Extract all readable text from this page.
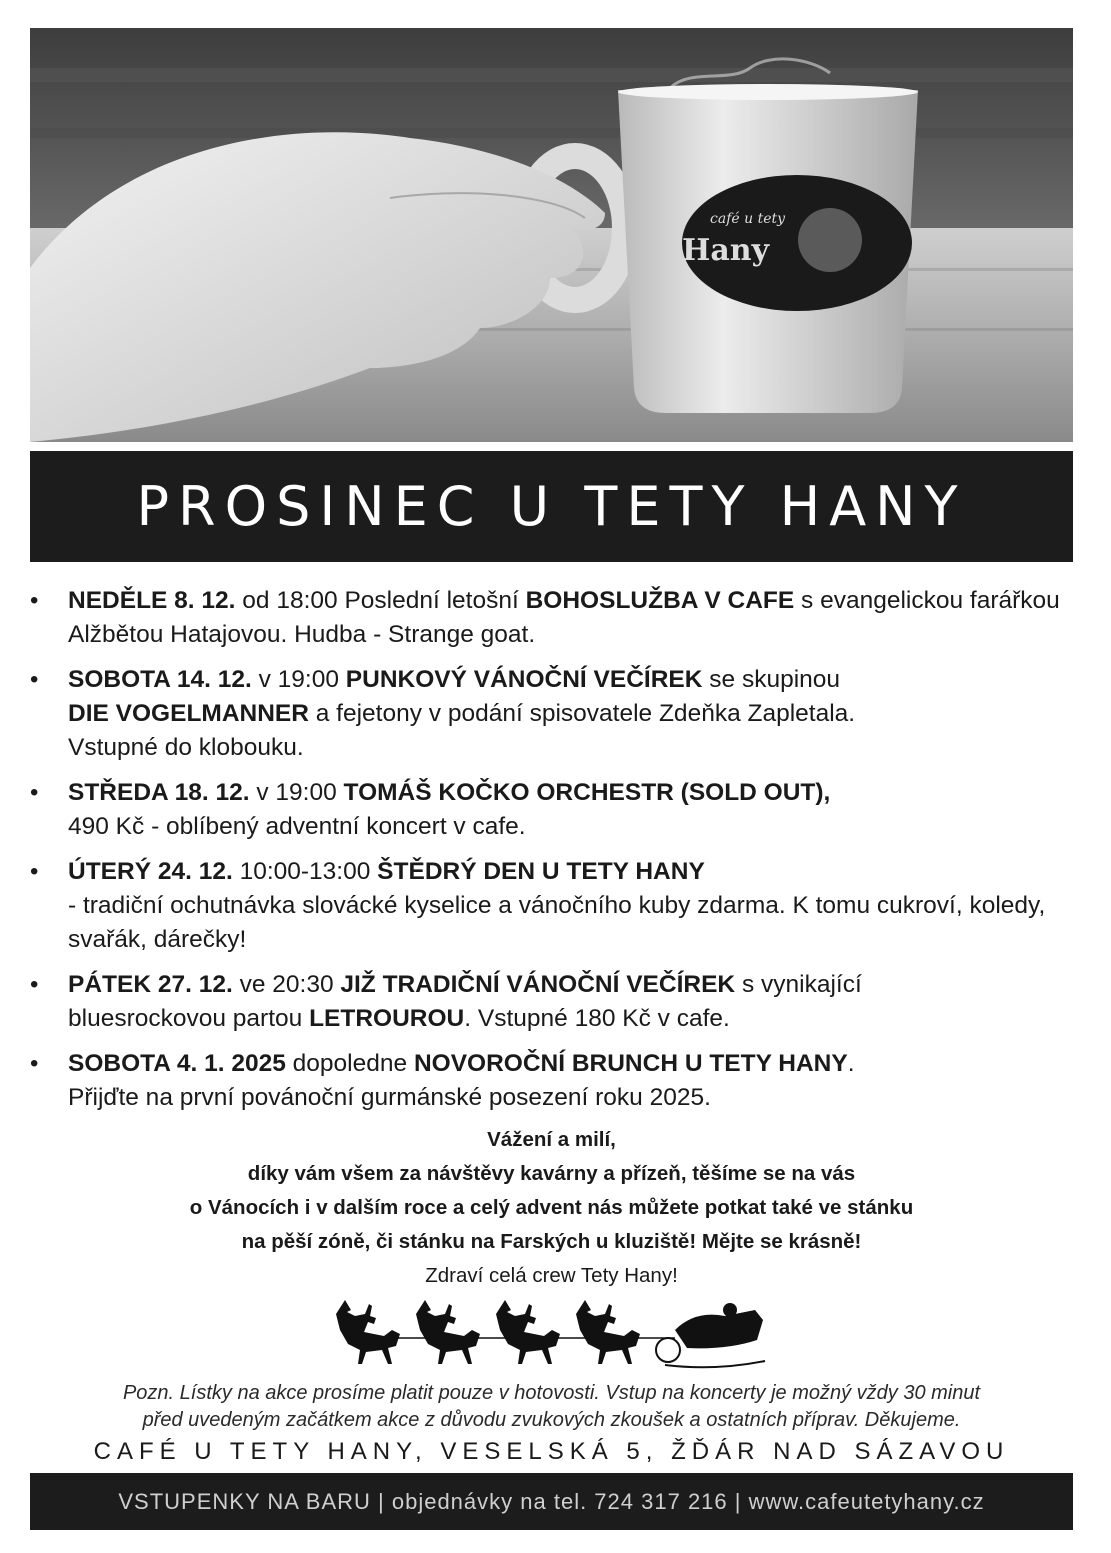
café u tety
Hany
PROSINEC U TETY HANY
• NEDĚLE 8. 12. od 18:00 Poslední letošní BOHOSLUŽBA V CAFE s evangelickou farářkou Alžbětou Hatajovou. Hudba - Strange goat.
• SOBOTA 14. 12. v 19:00 PUNKOVÝ VÁNOČNÍ VEČÍREK se skupinou
DIE VOGELMANNER a fejetony v podání spisovatele Zdeňka Zapletala.
Vstupné do klobouku.
• STŘEDA 18. 12. v 19:00 TOMÁŠ KOČKO ORCHESTR (SOLD OUT),
490 Kč - oblíbený adventní koncert v cafe.
• ÚTERÝ 24. 12. 10:00-13:00 ŠTĚDRÝ DEN U TETY HANY
- tradiční ochutnávka slovácké kyselice a vánočního kuby zdarma. K tomu cukroví, koledy, svařák, dárečky!
• PÁTEK 27. 12. ve 20:30 JIŽ TRADIČNÍ VÁNOČNÍ VEČÍREK s vynikající
bluesrockovou partou LETROUROU. Vstupné 180 Kč v cafe.
• SOBOTA 4. 1. 2025 dopoledne NOVOROČNÍ BRUNCH U TETY HANY.
Přijďte na první povánoční gurmánské posezení roku 2025.
Vážení a milí,
díky vám všem za návštěvy kavárny a přízeň, těšíme se na vás
o Vánocích i v dalším roce a celý advent nás můžete potkat také ve stánku
na pěší zóně, či stánku na Farských u kluziště! Mějte se krásně!
Zdraví celá crew Tety Hany!
Pozn. Lístky na akce prosíme platit pouze v hotovosti. Vstup na koncerty je možný vždy 30 minut
před uvedeným začátkem akce z důvodu zvukových zkoušek a ostatních příprav. Děkujeme.
CAFÉ U TETY HANY, VESELSKÁ 5, ŽĎÁR NAD SÁZAVOU
VSTUPENKY NA BARU | objednávky na tel. 724 317 216 | www.cafeutetyhany.cz
